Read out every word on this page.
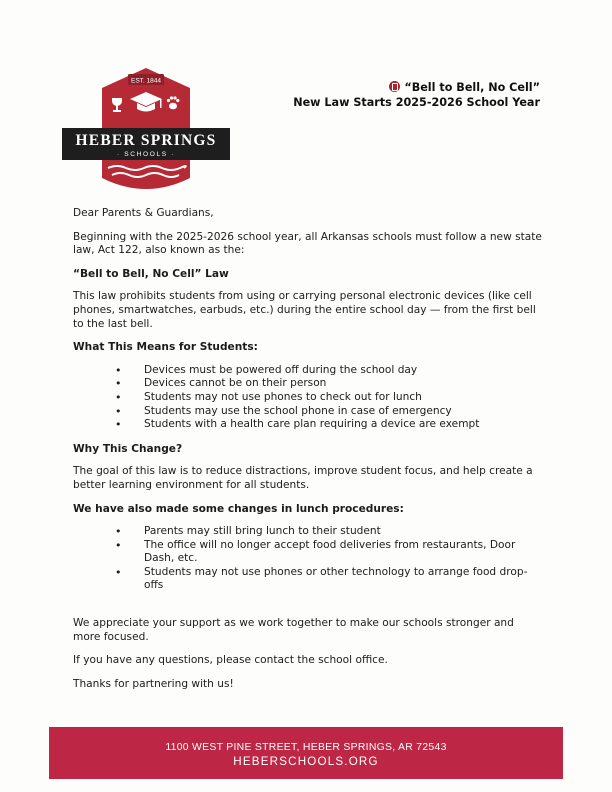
EST. 1844
HEBER SPRINGS
· SCHOOLS ·
“Bell to Bell, No Cell”
New Law Starts 2025-2026 School Year

Dear Parents & Guardians,

Beginning with the 2025-2026 school year, all Arkansas schools must follow a new state law, Act 122, also known as the:

“Bell to Bell, No Cell” Law

This law prohibits students from using or carrying personal electronic devices (like cell phones, smartwatches, earbuds, etc.) during the entire school day — from the first bell to the last bell.

What This Means for Students:

• Devices must be powered off during the school day
• Devices cannot be on their person
• Students may not use phones to check out for lunch
• Students may use the school phone in case of emergency
• Students with a health care plan requiring a device are exempt

Why This Change?

The goal of this law is to reduce distractions, improve student focus, and help create a better learning environment for all students.

We have also made some changes in lunch procedures:

• Parents may still bring lunch to their student
• The office will no longer accept food deliveries from restaurants, Door Dash, etc.
• Students may not use phones or other technology to arrange food drop-offs

We appreciate your support as we work together to make our schools stronger and more focused.

If you have any questions, please contact the school office.

Thanks for partnering with us!

1100 WEST PINE STREET, HEBER SPRINGS, AR 72543
HEBERSCHOOLS.ORG
